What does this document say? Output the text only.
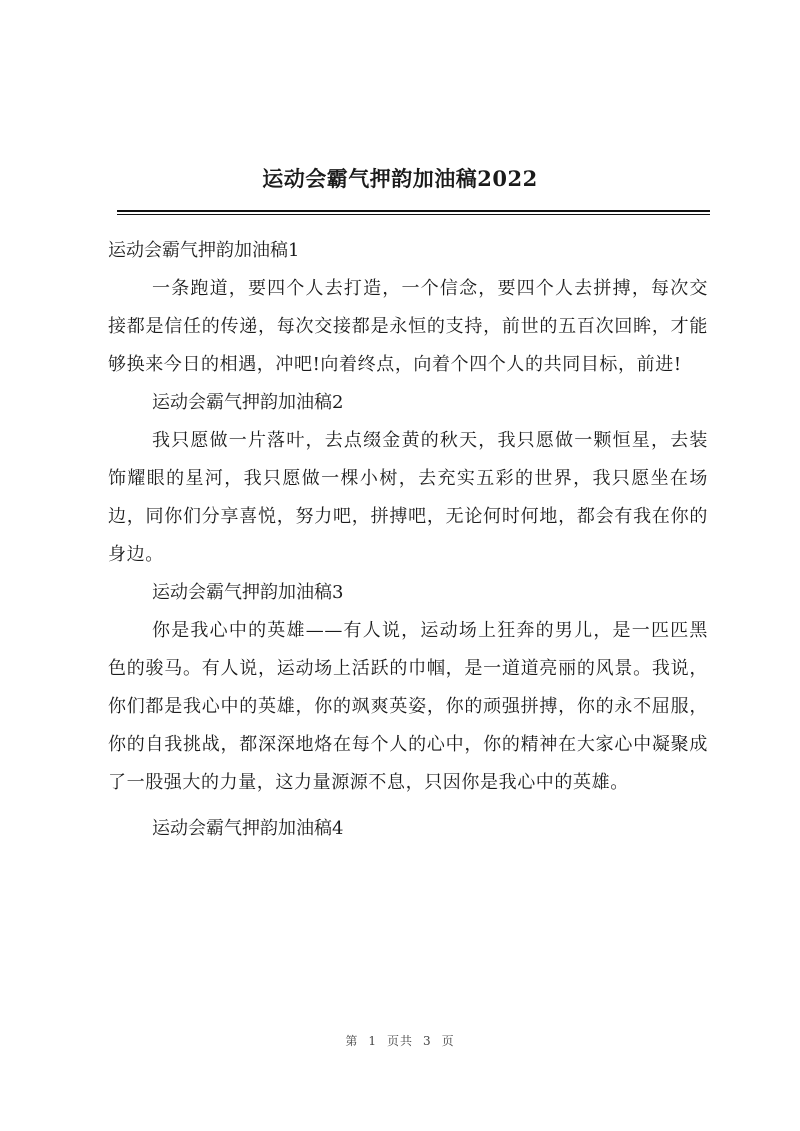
运动会霸气押韵加油稿2022

运动会霸气押韵加油稿1

一条跑道，要四个人去打造，一个信念，要四个人去拼搏，每次交接都是信任的传递，每次交接都是永恒的支持，前世的五百次回眸，才能够换来今日的相遇，冲吧!向着终点，向着个四个人的共同目标，前进!

运动会霸气押韵加油稿2

我只愿做一片落叶，去点缀金黄的秋天，我只愿做一颗恒星，去装饰耀眼的星河，我只愿做一棵小树，去充实五彩的世界，我只愿坐在场边，同你们分享喜悦，努力吧，拼搏吧，无论何时何地，都会有我在你的身边。

运动会霸气押韵加油稿3

你是我心中的英雄——有人说，运动场上狂奔的男儿，是一匹匹黑色的骏马。有人说，运动场上活跃的巾帼，是一道道亮丽的风景。我说，你们都是我心中的英雄，你的飒爽英姿，你的顽强拼搏，你的永不屈服，你的自我挑战，都深深地烙在每个人的心中，你的精神在大家心中凝聚成了一股强大的力量，这力量源源不息，只因你是我心中的英雄。

运动会霸气押韵加油稿4

第 1 页共 3 页
